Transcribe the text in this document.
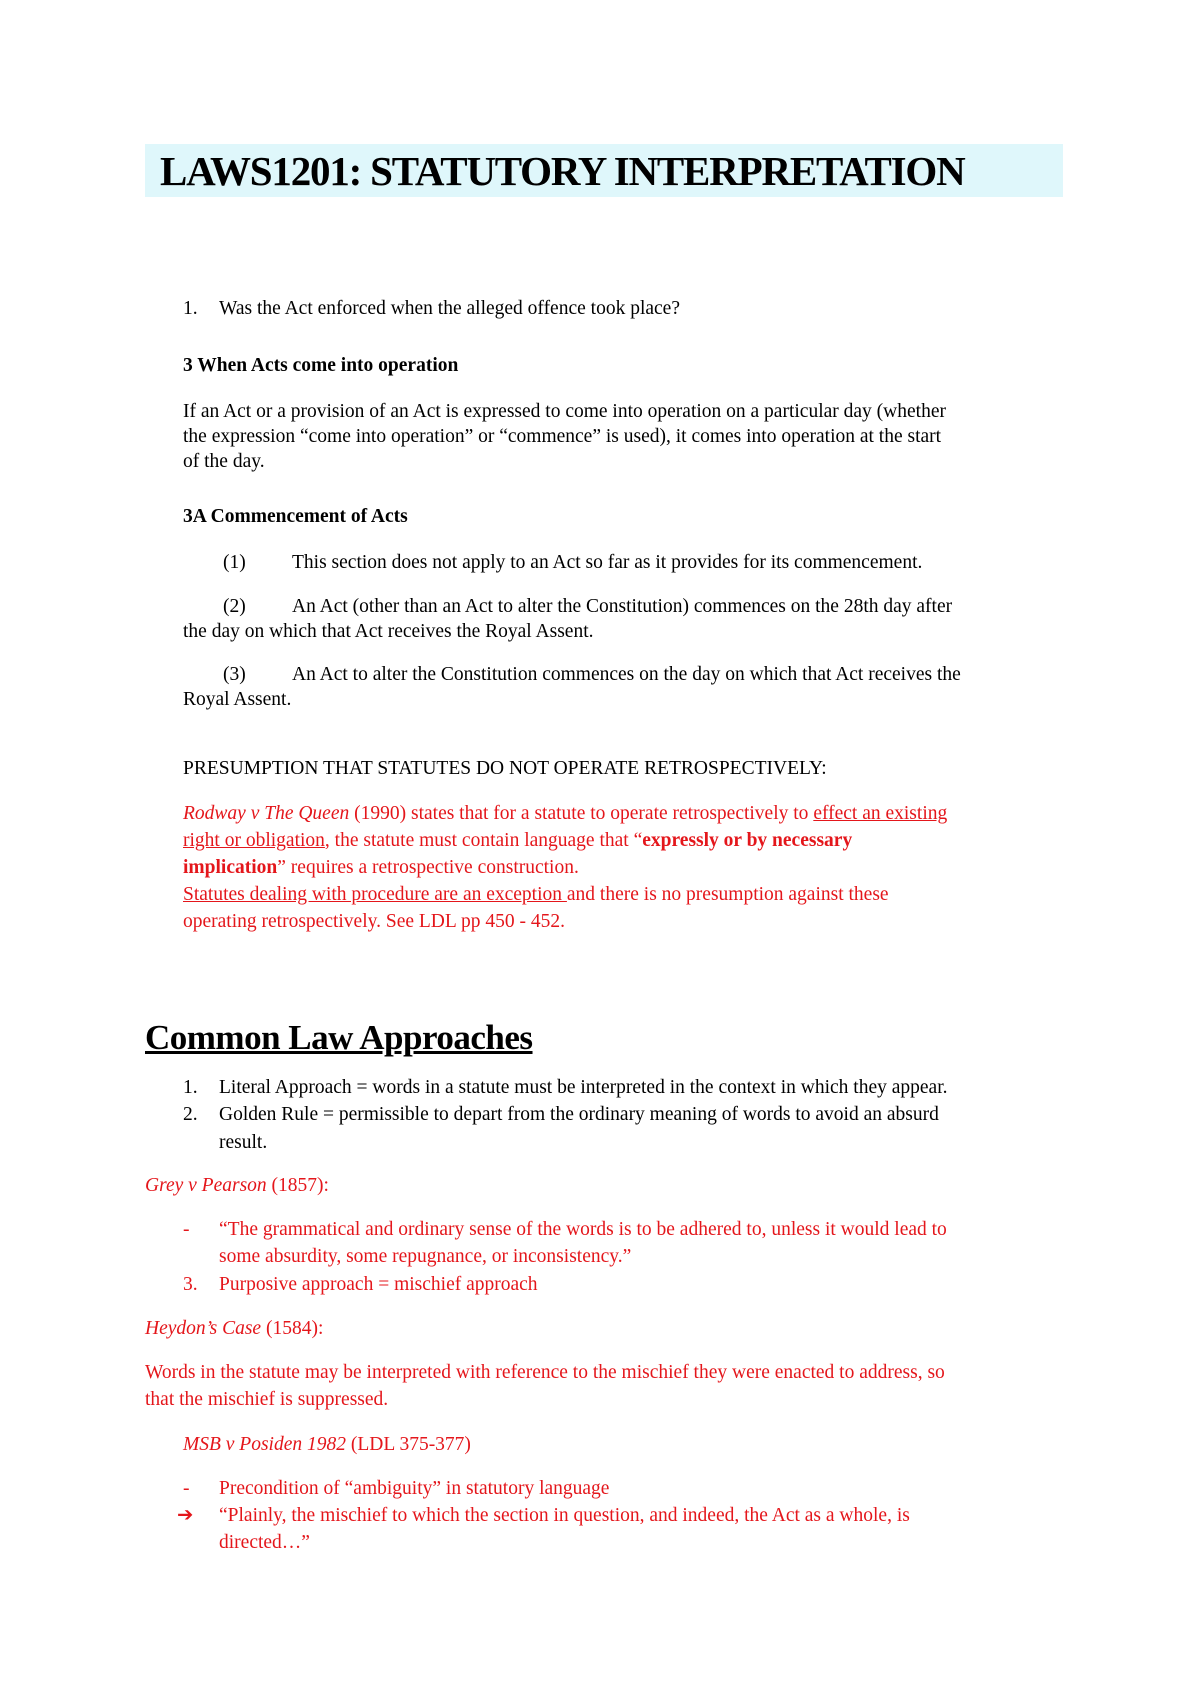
LAWS1201: STATUTORY INTERPRETATION
1. Was the Act enforced when the alleged offence took place?
3 When Acts come into operation
If an Act or a provision of an Act is expressed to come into operation on a particular day (whether
the expression “come into operation” or “commence” is used), it comes into operation at the start
of the day.
3A Commencement of Acts
(1) This section does not apply to an Act so far as it provides for its commencement.
(2) An Act (other than an Act to alter the Constitution) commences on the 28th day after
the day on which that Act receives the Royal Assent.
(3) An Act to alter the Constitution commences on the day on which that Act receives the
Royal Assent.
PRESUMPTION THAT STATUTES DO NOT OPERATE RETROSPECTIVELY:
Rodway v The Queen (1990) states that for a statute to operate retrospectively to effect an existing
right or obligation, the statute must contain language that “expressly or by necessary
implication” requires a retrospective construction.
Statutes dealing with procedure are an exception and there is no presumption against these
operating retrospectively. See LDL pp 450 - 452.
Common Law Approaches
1. Literal Approach = words in a statute must be interpreted in the context in which they appear.
2. Golden Rule = permissible to depart from the ordinary meaning of words to avoid an absurd
result.
Grey v Pearson (1857):
- “The grammatical and ordinary sense of the words is to be adhered to, unless it would lead to
some absurdity, some repugnance, or inconsistency.”
3. Purposive approach = mischief approach
Heydon’s Case (1584):
Words in the statute may be interpreted with reference to the mischief they were enacted to address, so
that the mischief is suppressed.
MSB v Posiden 1982 (LDL 375-377)
- Precondition of “ambiguity” in statutory language
➔ “Plainly, the mischief to which the section in question, and indeed, the Act as a whole, is
directed…”
